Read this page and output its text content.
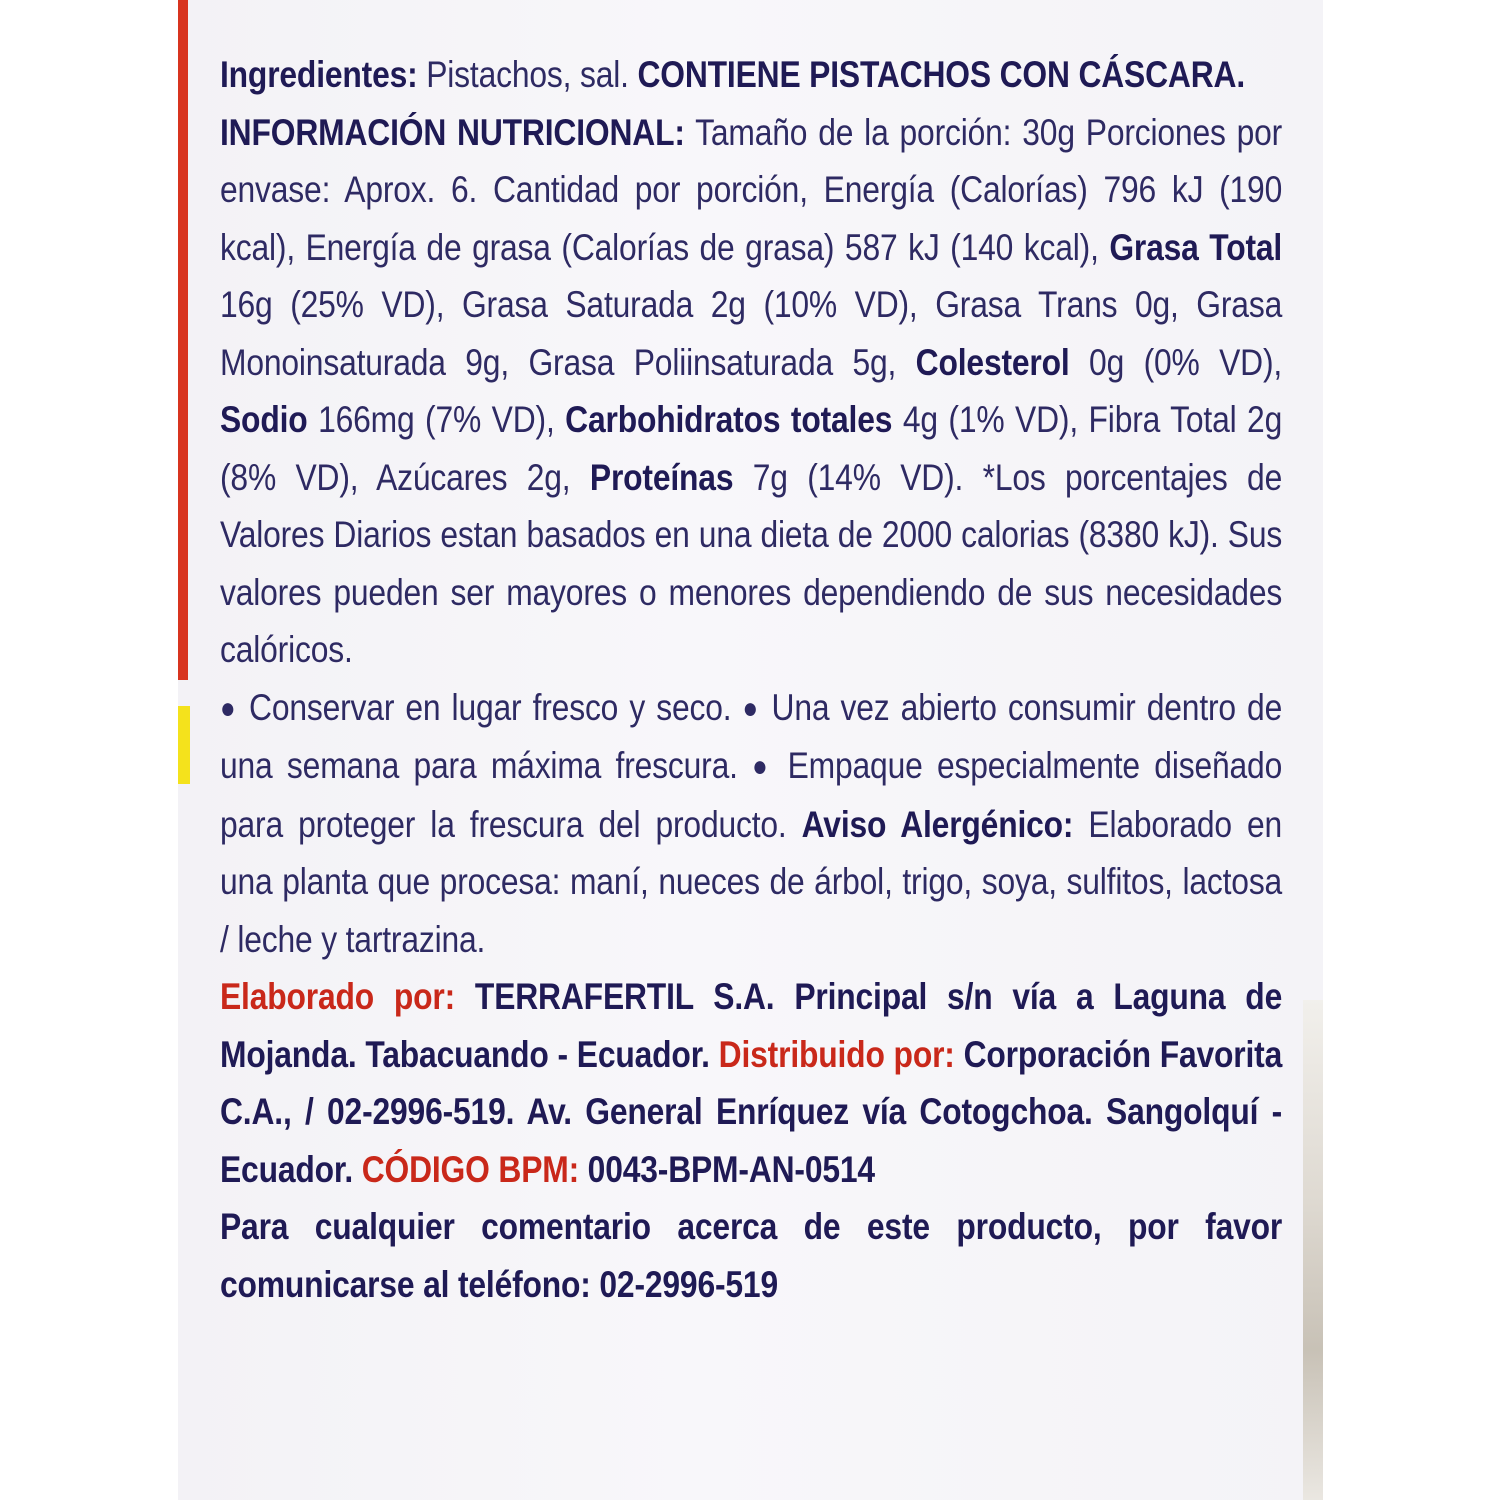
Ingredientes: Pistachos, sal. CONTIENE PISTACHOS CON CÁSCARA.

INFORMACIÓN NUTRICIONAL: Tamaño de la porción: 30g Porciones por envase: Aprox. 6. Cantidad por porción, Energía (Calorías) 796 kJ (190 kcal), Energía de grasa (Calorías de grasa) 587 kJ (140 kcal), Grasa Total 16g (25% VD), Grasa Saturada 2g (10% VD), Grasa Trans 0g, Grasa Monoinsaturada 9g, Grasa Poliinsaturada 5g, Colesterol 0g (0% VD), Sodio 166mg (7% VD), Carbohidratos totales 4g (1% VD), Fibra Total 2g (8% VD), Azúcares 2g, Proteínas 7g (14% VD). *Los porcentajes de Valores Diarios estan basados en una dieta de 2000 calorias (8380 kJ). Sus valores pueden ser mayores o menores dependiendo de sus necesidades calóricos.

● Conservar en lugar fresco y seco. ● Una vez abierto consumir dentro de una semana para máxima frescura. ● Empaque especialmente diseñado para proteger la frescura del producto. Aviso Alergénico: Elaborado en una planta que procesa: maní, nueces de árbol, trigo, soya, sulfitos, lactosa / leche y tartrazina.

Elaborado por: TERRAFERTIL S.A. Principal s/n vía a Laguna de Mojanda. Tabacuando - Ecuador. Distribuido por: Corporación Favorita C.A., / 02-2996-519. Av. General Enríquez vía Cotogchoa. Sangolquí - Ecuador. CÓDIGO BPM: 0043-BPM-AN-0514

Para cualquier comentario acerca de este producto, por favor comunicarse al teléfono: 02-2996-519
